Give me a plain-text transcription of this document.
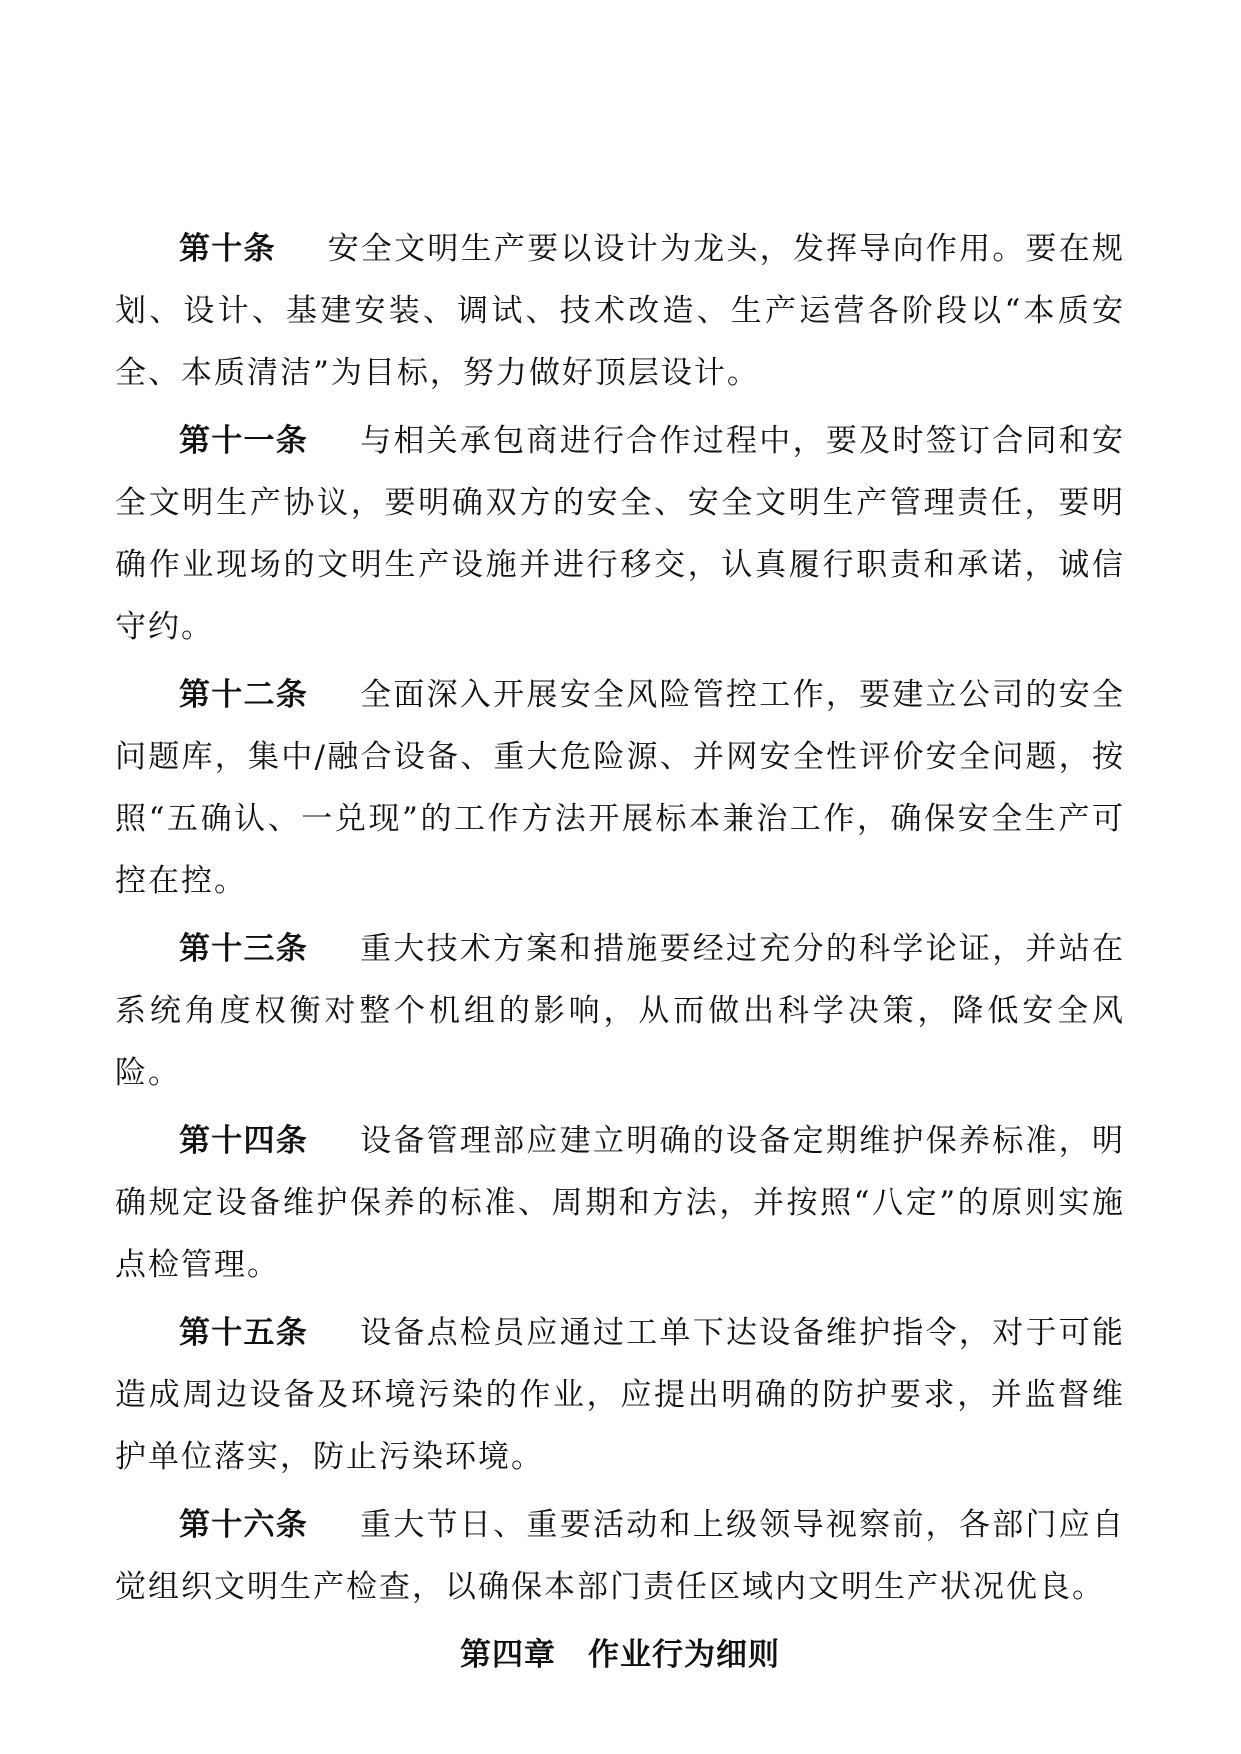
第十条 安全文明生产要以设计为龙头，发挥导向作用。要在规划、设计、基建安装、调试、技术改造、生产运营各阶段以“本质安全、本质清洁”为目标，努力做好顶层设计。

第十一条 与相关承包商进行合作过程中，要及时签订合同和安全文明生产协议，要明确双方的安全、安全文明生产管理责任，要明确作业现场的文明生产设施并进行移交，认真履行职责和承诺，诚信守约。

第十二条 全面深入开展安全风险管控工作，要建立公司的安全问题库，集中/融合设备、重大危险源、并网安全性评价安全问题，按照“五确认、一兑现”的工作方法开展标本兼治工作，确保安全生产可控在控。

第十三条 重大技术方案和措施要经过充分的科学论证，并站在系统角度权衡对整个机组的影响，从而做出科学决策，降低安全风险。

第十四条 设备管理部应建立明确的设备定期维护保养标准，明确规定设备维护保养的标准、周期和方法，并按照“八定”的原则实施点检管理。

第十五条 设备点检员应通过工单下达设备维护指令，对于可能造成周边设备及环境污染的作业，应提出明确的防护要求，并监督维护单位落实，防止污染环境。

第十六条 重大节日、重要活动和上级领导视察前，各部门应自觉组织文明生产检查，以确保本部门责任区域内文明生产状况优良。

第四章 作业行为细则
